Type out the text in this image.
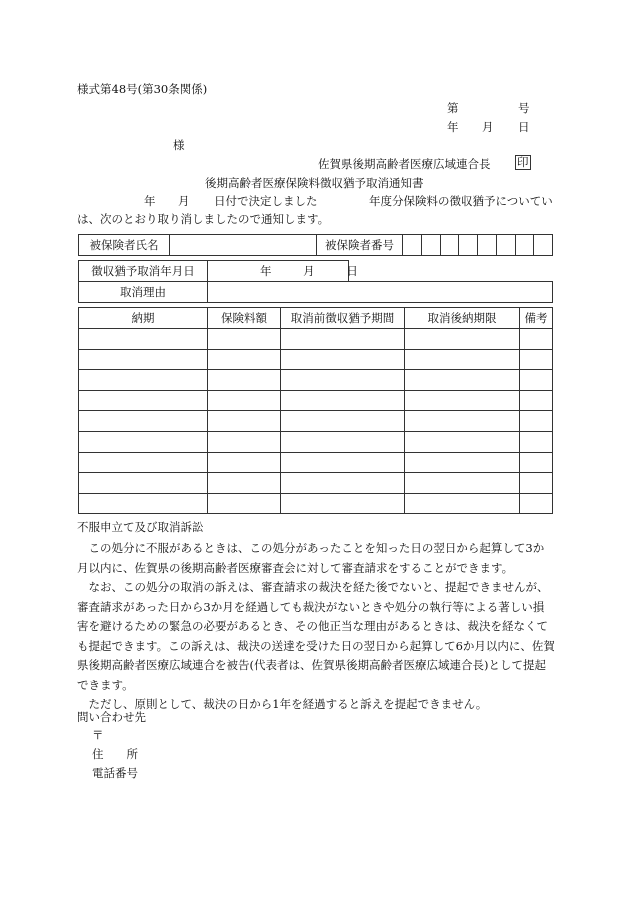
様式第48号(第30条関係)
第	号
年 月 日
様
佐賀県後期高齢者医療広域連合長 印
後期高齢者医療保険料徴収猶予取消通知書
年 月 日付で決定しました	年度分保険料の徴収猶予についてい
は、次のとおり取り消しましたので通知します。
被保険者氏名		被保険者番号	
徴収猶予取消年月日	年 月 日	
取消理由		
納期	保険料額	取消前徴収猶予期間	取消後納期限	備考

不服申立て及び取消訴訟
この処分に不服があるときは、この処分があったことを知った日の翌日から起算して3か月以内に、佐賀県の後期高齢者医療審査会に対して審査請求をすることができます。
なお、この処分の取消の訴えは、審査請求の裁決を経た後でないと、提起できませんが、審査請求があった日から3か月を経過しても裁決がないときや処分の執行等による著しい損害を避けるための緊急の必要があるとき、その他正当な理由があるときは、裁決を経なくても提起できます。この訴えは、裁決の送達を受けた日の翌日から起算して6か月以内に、佐賀県後期高齢者医療広域連合を被告(代表者は、佐賀県後期高齢者医療広域連合長)として提起できます。
ただし、原則として、裁決の日から1年を経過すると訴えを提起できません。
問い合わせ先
〒
住　　所
電話番号
